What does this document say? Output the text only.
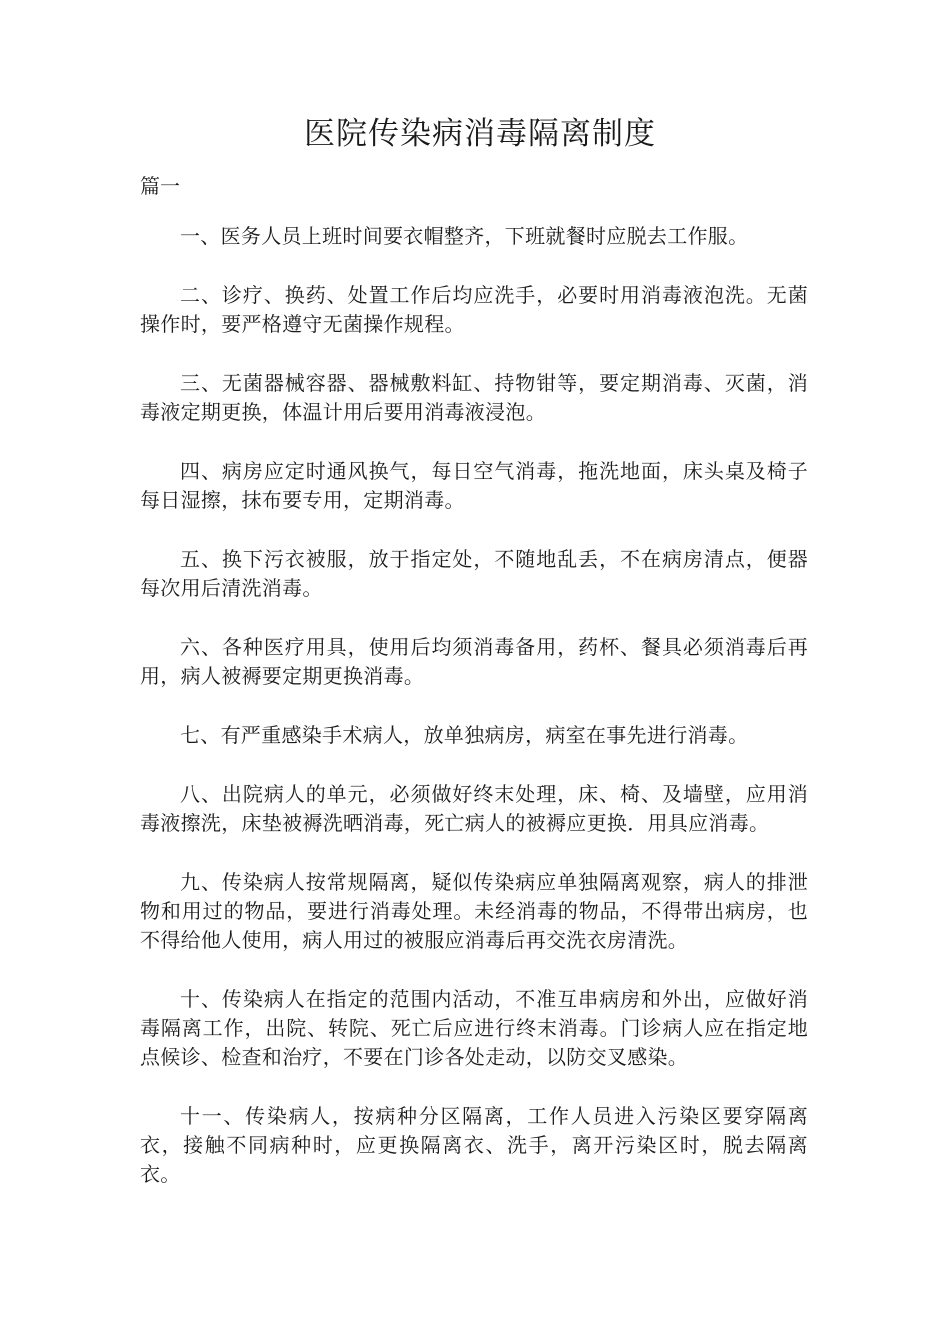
医院传染病消毒隔离制度

篇一

一、医务人员上班时间要衣帽整齐，下班就餐时应脱去工作服。

二、诊疗、换药、处置工作后均应洗手，必要时用消毒液泡洗。无菌操作时，要严格遵守无菌操作规程。

三、无菌器械容器、器械敷料缸、持物钳等，要定期消毒、灭菌，消毒液定期更换，体温计用后要用消毒液浸泡。

四、病房应定时通风换气，每日空气消毒，拖洗地面，床头桌及椅子每日湿擦，抹布要专用，定期消毒。

五、换下污衣被服，放于指定处，不随地乱丢，不在病房清点，便器每次用后清洗消毒。

六、各种医疗用具，使用后均须消毒备用，药杯、餐具必须消毒后再用，病人被褥要定期更换消毒。

七、有严重感染手术病人，放单独病房，病室在事先进行消毒。

八、出院病人的单元，必须做好终末处理，床、椅、及墙壁，应用消毒液擦洗，床垫被褥洗晒消毒，死亡病人的被褥应更换．用具应消毒。

九、传染病人按常规隔离，疑似传染病应单独隔离观察，病人的排泄物和用过的物品，要进行消毒处理。未经消毒的物品，不得带出病房，也不得给他人使用，病人用过的被服应消毒后再交洗衣房清洗。

十、传染病人在指定的范围内活动，不准互串病房和外出，应做好消毒隔离工作，出院、转院、死亡后应进行终末消毒。门诊病人应在指定地点候诊、检查和治疗，不要在门诊各处走动，以防交叉感染。

十一、传染病人，按病种分区隔离，工作人员进入污染区要穿隔离衣，接触不同病种时，应更换隔离衣、洗手，离开污染区时，脱去隔离衣。
